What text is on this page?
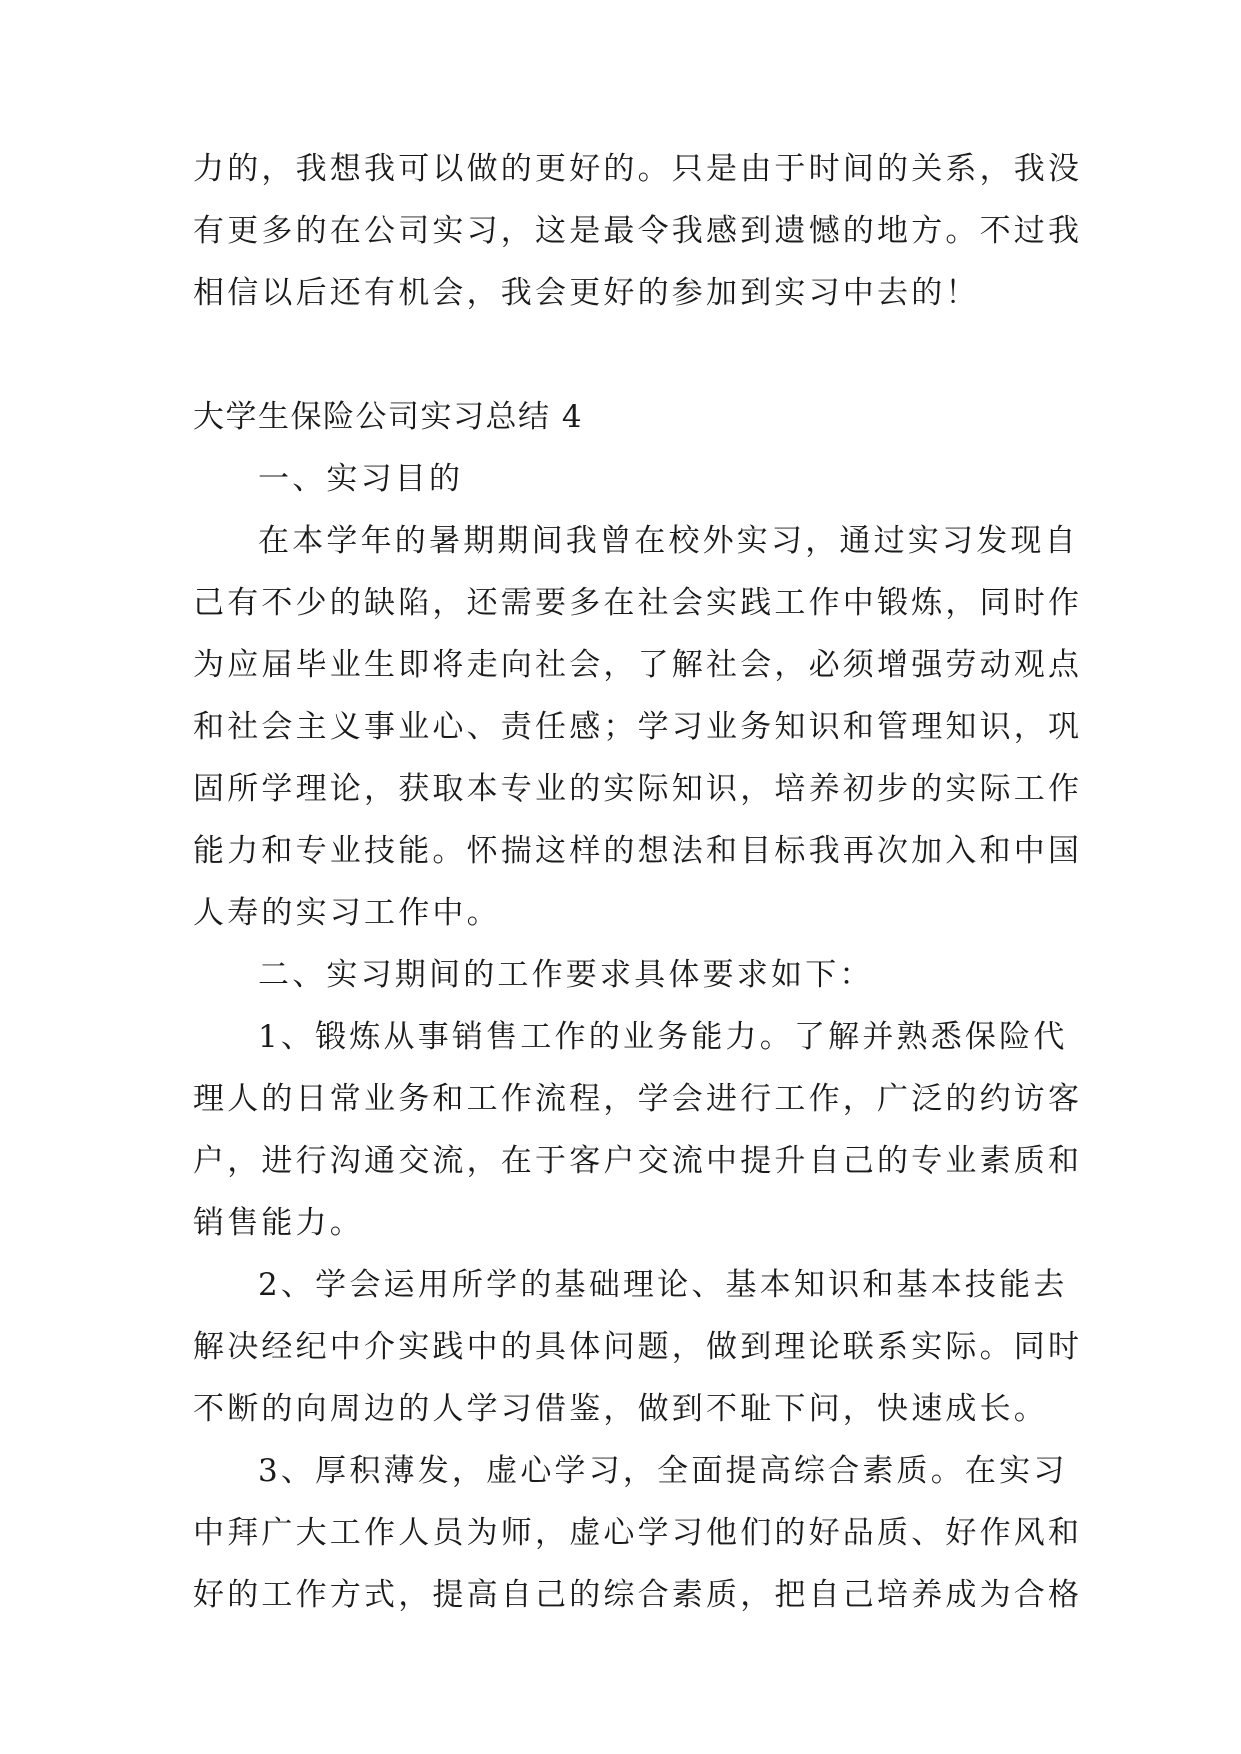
力的，我想我可以做的更好的。只是由于时间的关系，我没
有更多的在公司实习，这是最令我感到遗憾的地方。不过我
相信以后还有机会，我会更好的参加到实习中去的！
大学生保险公司实习总结 4
一、实习目的
在本学年的暑期期间我曾在校外实习，通过实习发现自
己有不少的缺陷，还需要多在社会实践工作中锻炼，同时作
为应届毕业生即将走向社会，了解社会，必须增强劳动观点
和社会主义事业心、责任感；学习业务知识和管理知识，巩
固所学理论，获取本专业的实际知识，培养初步的实际工作
能力和专业技能。怀揣这样的想法和目标我再次加入和中国
人寿的实习工作中。
二、实习期间的工作要求具体要求如下：
1、锻炼从事销售工作的业务能力。了解并熟悉保险代
理人的日常业务和工作流程，学会进行工作，广泛的约访客
户，进行沟通交流，在于客户交流中提升自己的专业素质和
销售能力。
2、学会运用所学的基础理论、基本知识和基本技能去
解决经纪中介实践中的具体问题，做到理论联系实际。同时
不断的向周边的人学习借鉴，做到不耻下问，快速成长。
3、厚积薄发，虚心学习，全面提高综合素质。在实习
中拜广大工作人员为师，虚心学习他们的好品质、好作风和
好的工作方式，提高自己的综合素质，把自己培养成为合格
